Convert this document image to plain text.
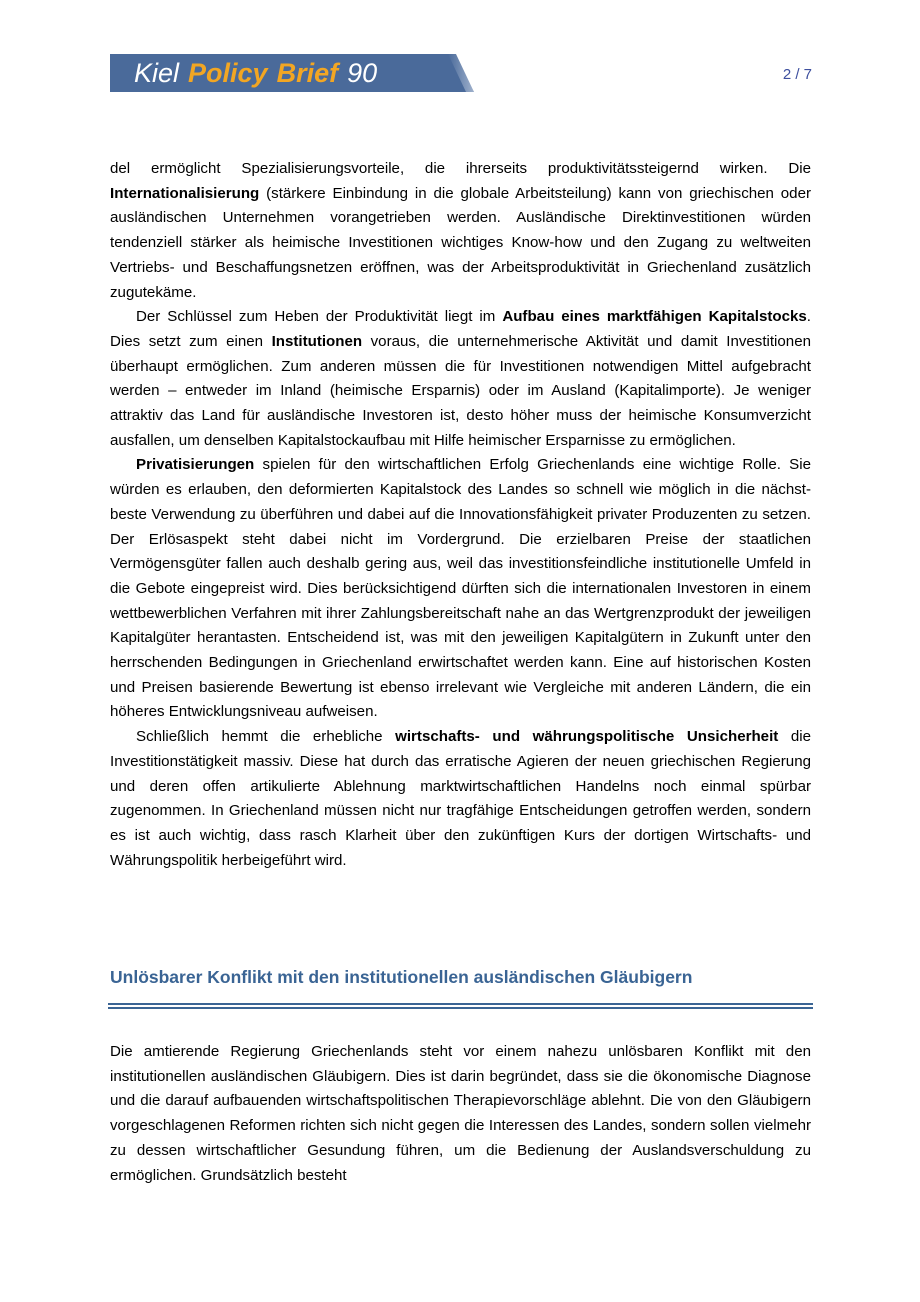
Kiel Policy Brief 90	2 / 7

del ermöglicht Spezialisierungsvorteile, die ihrerseits produktivitätssteigernd wirken. Die Internationalisierung (stärkere Einbindung in die globale Arbeitsteilung) kann von griechischen oder ausländischen Unternehmen vorangetrieben werden. Ausländische Direktinvestitionen würden tendenziell stärker als heimische Investitionen wichtiges Know-how und den Zugang zu weltweiten Vertriebs- und Beschaffungsnetzen eröffnen, was der Arbeitsproduktivität in Griechenland zusätzlich zugutekäme.

Der Schlüssel zum Heben der Produktivität liegt im Aufbau eines marktfähigen Kapitalstocks. Dies setzt zum einen Institutionen voraus, die unternehmerische Aktivität und damit Investitionen überhaupt ermöglichen. Zum anderen müssen die für Investitionen notwendigen Mittel aufgebracht werden – entweder im Inland (heimische Ersparnis) oder im Ausland (Kapitalimporte). Je weniger attraktiv das Land für ausländische Investoren ist, desto höher muss der heimische Konsumverzicht ausfallen, um denselben Kapitalstockaufbau mit Hilfe heimischer Ersparnisse zu ermöglichen.

Privatisierungen spielen für den wirtschaftlichen Erfolg Griechenlands eine wichtige Rolle. Sie würden es erlauben, den deformierten Kapitalstock des Landes so schnell wie möglich in die nächst-beste Verwendung zu überführen und dabei auf die Innovationsfähigkeit privater Produzenten zu setzen. Der Erlösaspekt steht dabei nicht im Vordergrund. Die erzielbaren Preise der staatlichen Vermögensgüter fallen auch deshalb gering aus, weil das investitionsfeindliche institutionelle Umfeld in die Gebote eingepreist wird. Dies berücksichtigend dürften sich die internationalen Investoren in einem wettbewerblichen Verfahren mit ihrer Zahlungsbereitschaft nahe an das Wertgrenzprodukt der jeweiligen Kapitalgüter herantasten. Entscheidend ist, was mit den jeweiligen Kapitalgütern in Zukunft unter den herrschenden Bedingungen in Griechenland erwirtschaftet werden kann. Eine auf historischen Kosten und Preisen basierende Bewertung ist ebenso irrelevant wie Vergleiche mit anderen Ländern, die ein höheres Entwicklungsniveau aufweisen.

Schließlich hemmt die erhebliche wirtschafts- und währungspolitische Unsicherheit die Investitionstätigkeit massiv. Diese hat durch das erratische Agieren der neuen griechischen Regierung und deren offen artikulierte Ablehnung marktwirtschaftlichen Handelns noch einmal spürbar zugenommen. In Griechenland müssen nicht nur tragfähige Entscheidungen getroffen werden, sondern es ist auch wichtig, dass rasch Klarheit über den zukünftigen Kurs der dortigen Wirtschafts- und Währungspolitik herbeigeführt wird.

Unlösbarer Konflikt mit den institutionellen ausländischen Gläubigern

Die amtierende Regierung Griechenlands steht vor einem nahezu unlösbaren Konflikt mit den institutionellen ausländischen Gläubigern. Dies ist darin begründet, dass sie die ökonomische Diagnose und die darauf aufbauenden wirtschaftspolitischen Therapievorschläge ablehnt. Die von den Gläubigern vorgeschlagenen Reformen richten sich nicht gegen die Interessen des Landes, sondern sollen vielmehr zu dessen wirtschaftlicher Gesundung führen, um die Bedienung der Auslandsverschuldung zu ermöglichen. Grundsätzlich besteht
